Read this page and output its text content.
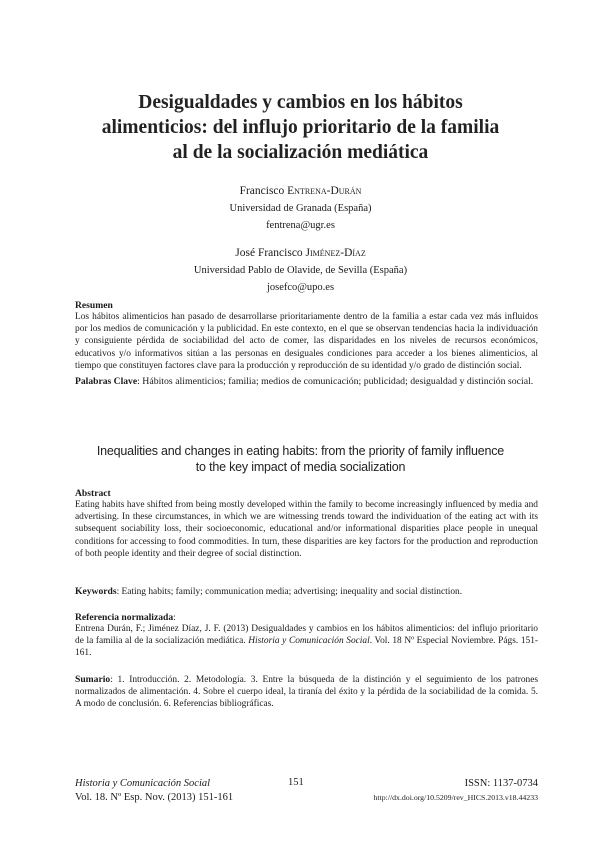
Desigualdades y cambios en los hábitos
alimenticios: del influjo prioritario de la familia
al de la socialización mediática
Francisco Entrena-Durán
Universidad de Granada (España)
fentrena@ugr.es
José Francisco Jiménez-Díaz
Universidad Pablo de Olavide, de Sevilla (España)
josefco@upo.es
Resumen
Los hábitos alimenticios han pasado de desarrollarse prioritariamente dentro de la familia a estar cada vez más influidos por los medios de comunicación y la publicidad. En este contexto, en el que se observan tendencias hacia la individuación y consiguiente pérdida de sociabilidad del acto de comer, las disparidades en los niveles de recursos económicos, educativos y/o informativos sitúan a las personas en desiguales condiciones para acceder a los bienes alimenticios, al tiempo que constituyen factores clave para la producción y reproducción de su identidad y/o grado de distinción social.
Palabras Clave: Hábitos alimenticios; familia; medios de comunicación; publicidad; desigualdad y distinción social.
Inequalities and changes in eating habits: from the priority of family influence
to the key impact of media socialization
Abstract
Eating habits have shifted from being mostly developed within the family to become increasingly influenced by media and advertising. In these circumstances, in which we are witnessing trends toward the individuation of the eating act with its subsequent sociability loss, their socioeconomic, educational and/or informational disparities place people in unequal conditions for accessing to food commodities. In turn, these disparities are key factors for the production and reproduction of both people identity and their degree of social distinction.
Keywords: Eating habits; family; communication media; advertising; inequality and social distinction.
Referencia normalizada:
Entrena Durán, F.; Jiménez Díaz, J. F. (2013) Desigualdades y cambios en los hábitos alimenticios: del influjo prioritario de la familia al de la socialización mediática. Historia y Comunicación Social. Vol. 18 Nº Especial Noviembre. Págs. 151-161.
Sumario: 1. Introducción. 2. Metodología. 3. Entre la búsqueda de la distinción y el seguimiento de los patrones normalizados de alimentación. 4. Sobre el cuerpo ideal, la tiranía del éxito y la pérdida de la sociabilidad de la comida. 5. A modo de conclusión. 6. Referencias bibliográficas.
Historia y Comunicación Social
Vol. 18. Nº Esp. Nov. (2013) 151-161
151	ISSN: 1137-0734
http://dx.doi.org/10.5209/rev_HICS.2013.v18.44233
